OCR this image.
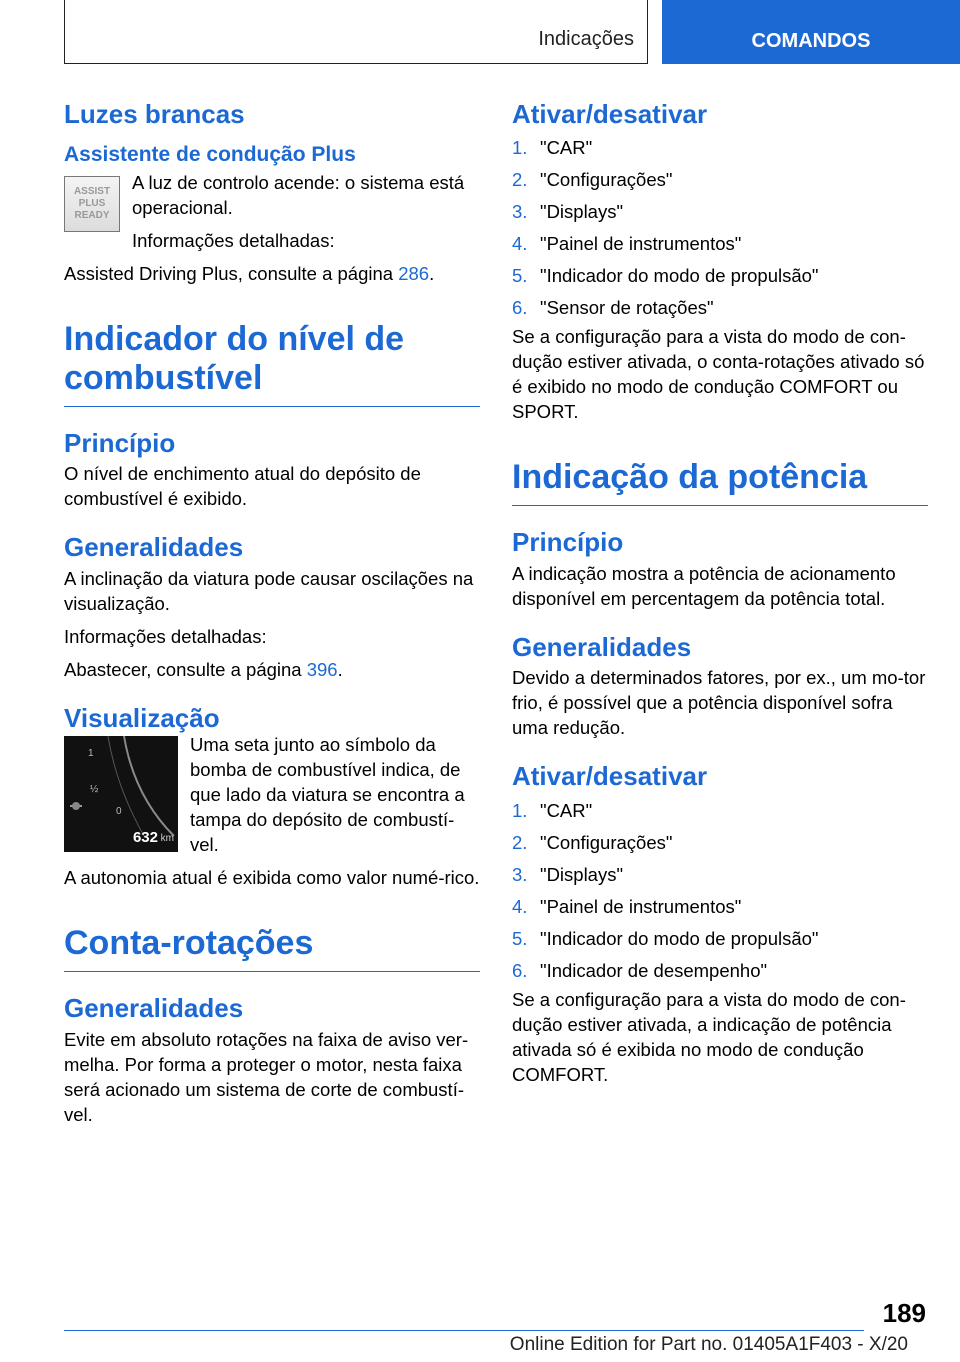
Indicações	COMANDOS
Luzes brancas
Assistente de condução Plus
ASSIST
PLUS
READY

A luz de controlo acende: o sistema está operacional.

Informações detalhadas:

Assisted Driving Plus, consulte a página 286.

Indicador do nível de combustível
Princípio

O nível de enchimento atual do depósito de combustível é exibido.

Generalidades

A inclinação da viatura pode causar oscilações na visualização.

Informações detalhadas:

Abastecer, consulte a página 396.

Visualização
1
½
0
632 km

Uma seta junto ao símbolo da bomba de combustível indica, de que lado da viatura se encontra a tampa do depósito de combustí-vel.

A autonomia atual é exibida como valor numé-rico.

Conta-rotações
Generalidades

Evite em absoluto rotações na faixa de aviso ver-melha. Por forma a proteger o motor, nesta faixa será acionado um sistema de corte de combustí-vel.

Ativar/desativar
1. "CAR"
2. "Configurações"
3. "Displays"
4. "Painel de instrumentos"
5. "Indicador do modo de propulsão"
6. "Sensor de rotações"

Se a configuração para a vista do modo de con-dução estiver ativada, o conta-rotações ativado só é exibido no modo de condução COMFORT ou SPORT.

Indicação da potência
Princípio

A indicação mostra a potência de acionamento disponível em percentagem da potência total.

Generalidades

Devido a determinados fatores, por ex., um mo-tor frio, é possível que a potência disponível sofra uma redução.

Ativar/desativar
1. "CAR"
2. "Configurações"
3. "Displays"
4. "Painel de instrumentos"
5. "Indicador do modo de propulsão"
6. "Indicador de desempenho"

Se a configuração para a vista do modo de con-dução estiver ativada, a indicação de potência ativada só é exibida no modo de condução COMFORT.

189
Online Edition for Part no. 01405A1F403 - X/20
